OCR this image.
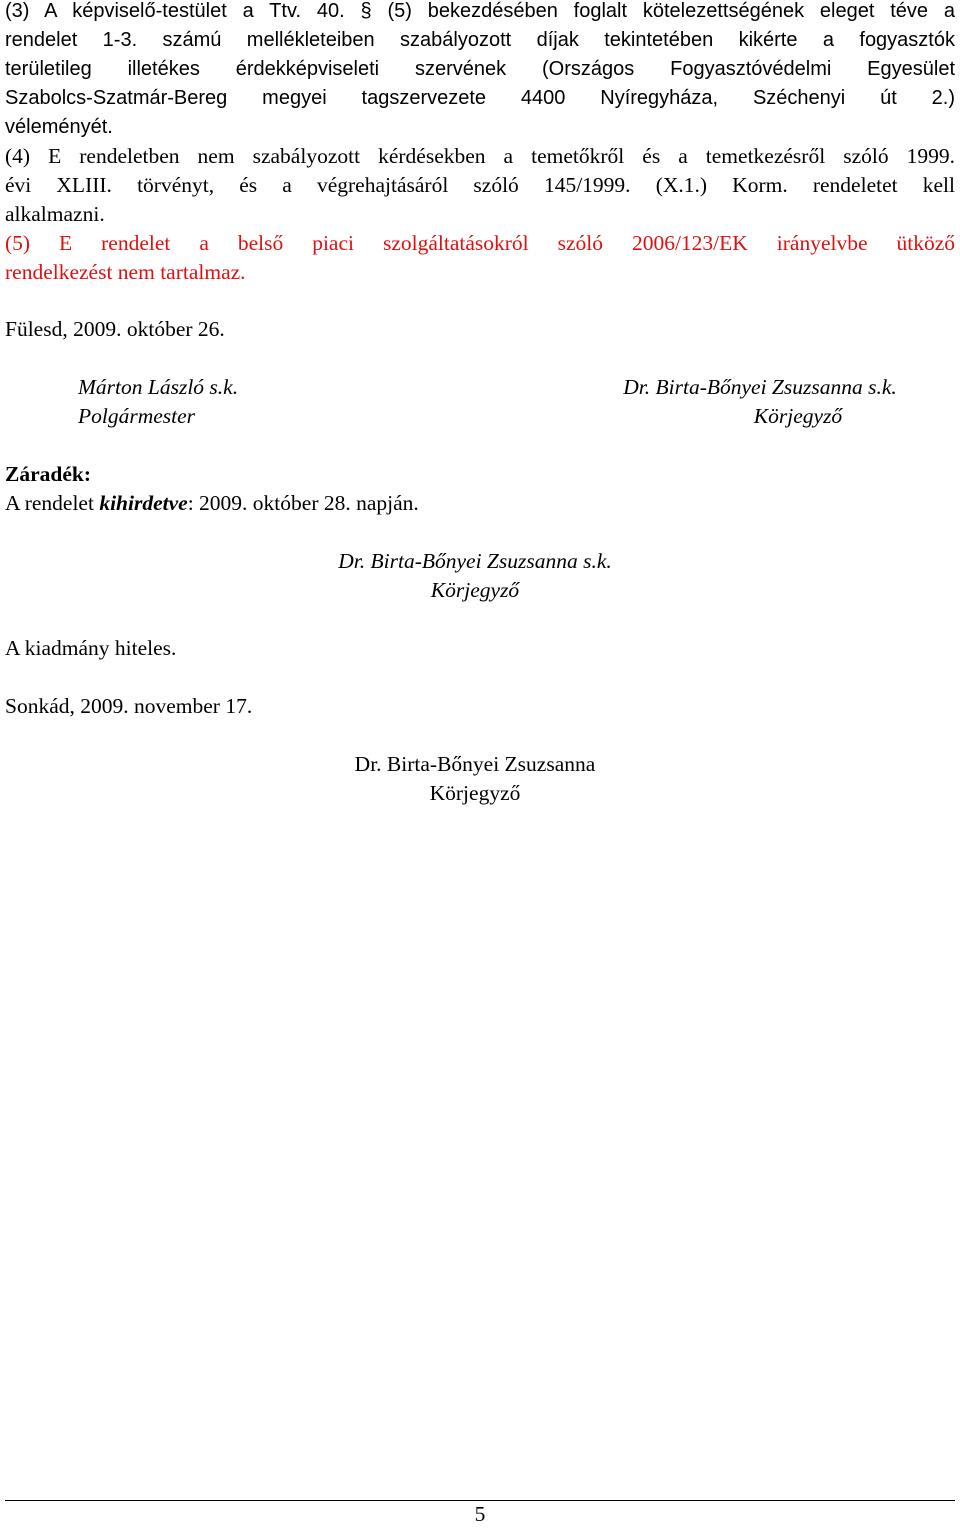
(3) A képviselő-testület a Ttv. 40. § (5) bekezdésében foglalt kötelezettségének eleget téve a
rendelet 1-3. számú mellékleteiben szabályozott díjak tekintetében kikérte a fogyasztók
területileg illetékes érdekképviseleti szervének (Országos Fogyasztóvédelmi Egyesület
Szabolcs-Szatmár-Bereg megyei tagszervezete 4400 Nyíregyháza, Széchenyi út 2.)
véleményét.
(4) E rendeletben nem szabályozott kérdésekben a temetőkről és a temetkezésről szóló 1999.
évi XLIII. törvényt, és a végrehajtásáról szóló 145/1999. (X.1.) Korm. rendeletet kell
alkalmazni.
(5) E rendelet a belső piaci szolgáltatásokról szóló 2006/123/EK irányelvbe ütköző
rendelkezést nem tartalmaz.
Fülesd, 2009. október 26.
Márton László s.k.
Polgármester
Dr. Birta-Bőnyei Zsuzsanna s.k.
Körjegyző
Záradék:
A rendelet kihirdetve: 2009. október 28. napján.
Dr. Birta-Bőnyei Zsuzsanna s.k.
Körjegyző
A kiadmány hiteles.
Sonkád, 2009. november 17.
Dr. Birta-Bőnyei Zsuzsanna
Körjegyző
5
